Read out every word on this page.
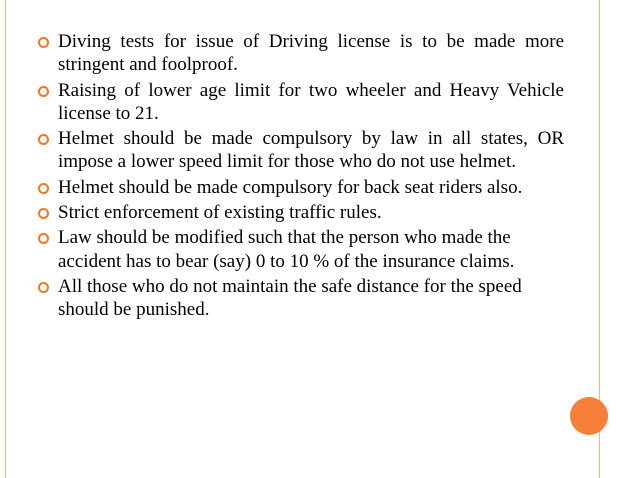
Diving tests for issue of Driving license is to be made more stringent and foolproof.
Raising of lower age limit for two wheeler and Heavy Vehicle license to 21.
Helmet should be made compulsory by law in all states, OR impose a lower speed limit for those who do not use helmet.
Helmet should be made compulsory for back seat riders also.
Strict enforcement of existing traffic rules.
Law should be modified such that the person who made the accident has to bear (say) 0 to 10 % of the insurance claims.
All those who do not maintain the safe distance for the speed should be punished.
